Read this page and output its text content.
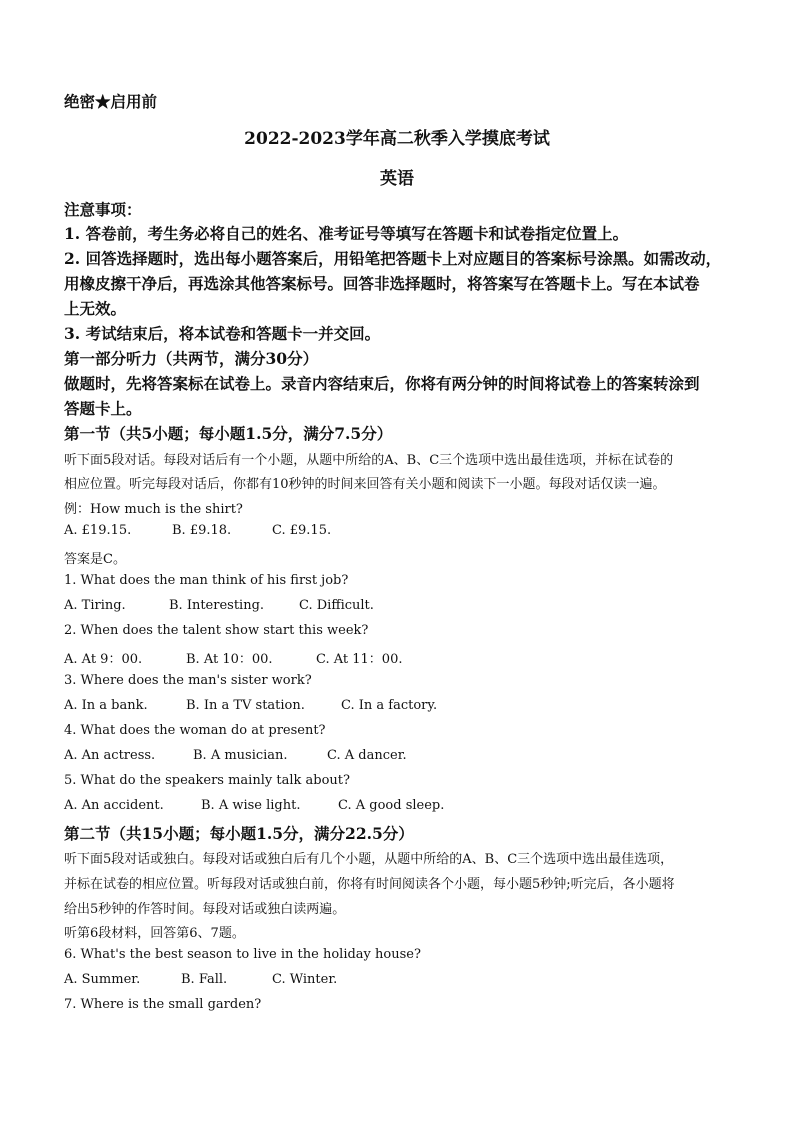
绝密★启用前
2022-2023学年高二秋季入学摸底考试
英语
注意事项：
1. 答卷前，考生务必将自己的姓名、准考证号等填写在答题卡和试卷指定位置上。
2. 回答选择题时，选出每小题答案后，用铅笔把答题卡上对应题目的答案标号涂黑。如需改动，
用橡皮擦干净后，再选涂其他答案标号。回答非选择题时，将答案写在答题卡上。写在本试卷
上无效。
3. 考试结束后，将本试卷和答题卡一并交回。
第一部分听力（共两节，满分30分）
做题时，先将答案标在试卷上。录音内容结束后，你将有两分钟的时间将试卷上的答案转涂到
答题卡上。
第一节（共5小题；每小题1.5分，满分7.5分）
听下面5段对话。每段对话后有一个小题，从题中所给的A、B、C三个选项中选出最佳选项，并标在试卷的
相应位置。听完每段对话后，你都有10秒钟的时间来回答有关小题和阅读下一小题。每段对话仅读一遍。
例：How much is the shirt?
A. £19.15.	B. £9.18.	C. £9.15.
答案是C。
1. What does the man think of his first job?
A. Tiring.	B. Interesting.	C. Difficult.
2. When does the talent show start this week?
A. At 9：00.	B. At 10：00.	C. At 11：00.
3. Where does the man's sister work?
A. In a bank.	B. In a TV station.	C. In a factory.
4. What does the woman do at present?
A. An actress.	B. A musician.	C. A dancer.
5. What do the speakers mainly talk about?
A. An accident.	B. A wise light.	C. A good sleep.
第二节（共15小题；每小题1.5分，满分22.5分）
听下面5段对话或独白。每段对话或独白后有几个小题，从题中所给的A、B、C三个选项中选出最佳选项，
并标在试卷的相应位置。听每段对话或独白前，你将有时间阅读各个小题，每小题5秒钟;听完后，各小题将
给出5秒钟的作答时间。每段对话或独白读两遍。
听第6段材料，回答第6、7题。
6. What's the best season to live in the holiday house?
A. Summer.	B. Fall.	C. Winter.
7. Where is the small garden?
